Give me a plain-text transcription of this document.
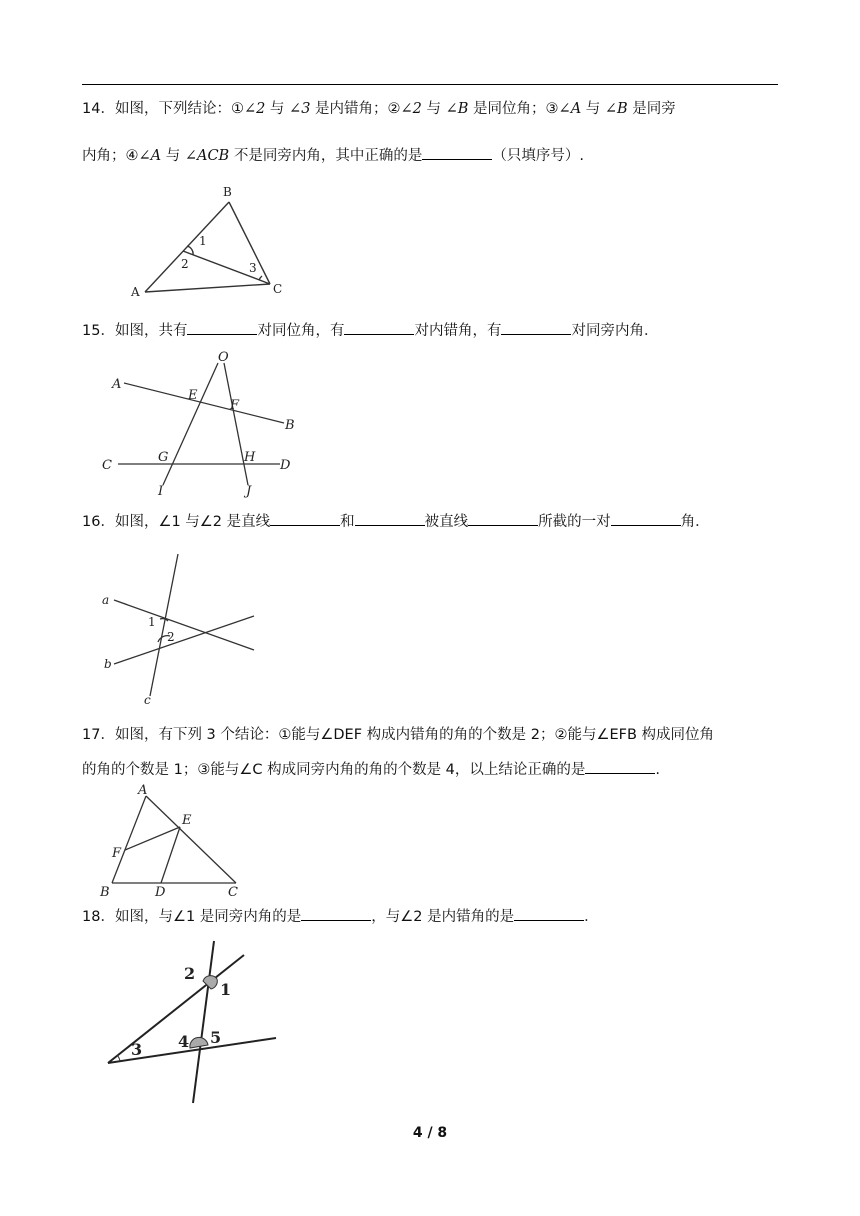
14．如图，下列结论：①∠2 与 ∠3 是内错角；②∠2 与 ∠B 是同位角；③∠A 与 ∠B 是同旁
内角；④∠A 与 ∠ACB 不是同旁内角，其中正确的是	（只填序号）.
B
A	C
1
2	3
15．如图，共有	对同位角，有	对内错角，有	对同旁内角．
O
A
E
F
B
C
G	H
D
I	J
16．如图，∠1 与∠2 是直线	和	被直线	所截的一对	角．
a
b
c
1
2
17．如图，有下列 3 个结论：①能与∠DEF 构成内错角的角的个数是 2；②能与∠EFB 构成同位角
的角的个数是 1；③能与∠C 构成同旁内角的角的个数是 4，以上结论正确的是	.
A
E
F
B	D	C
18．如图，与∠1 是同旁内角的是	，与∠2 是内错角的是	．
2
1
3 4 5
4 / 8
